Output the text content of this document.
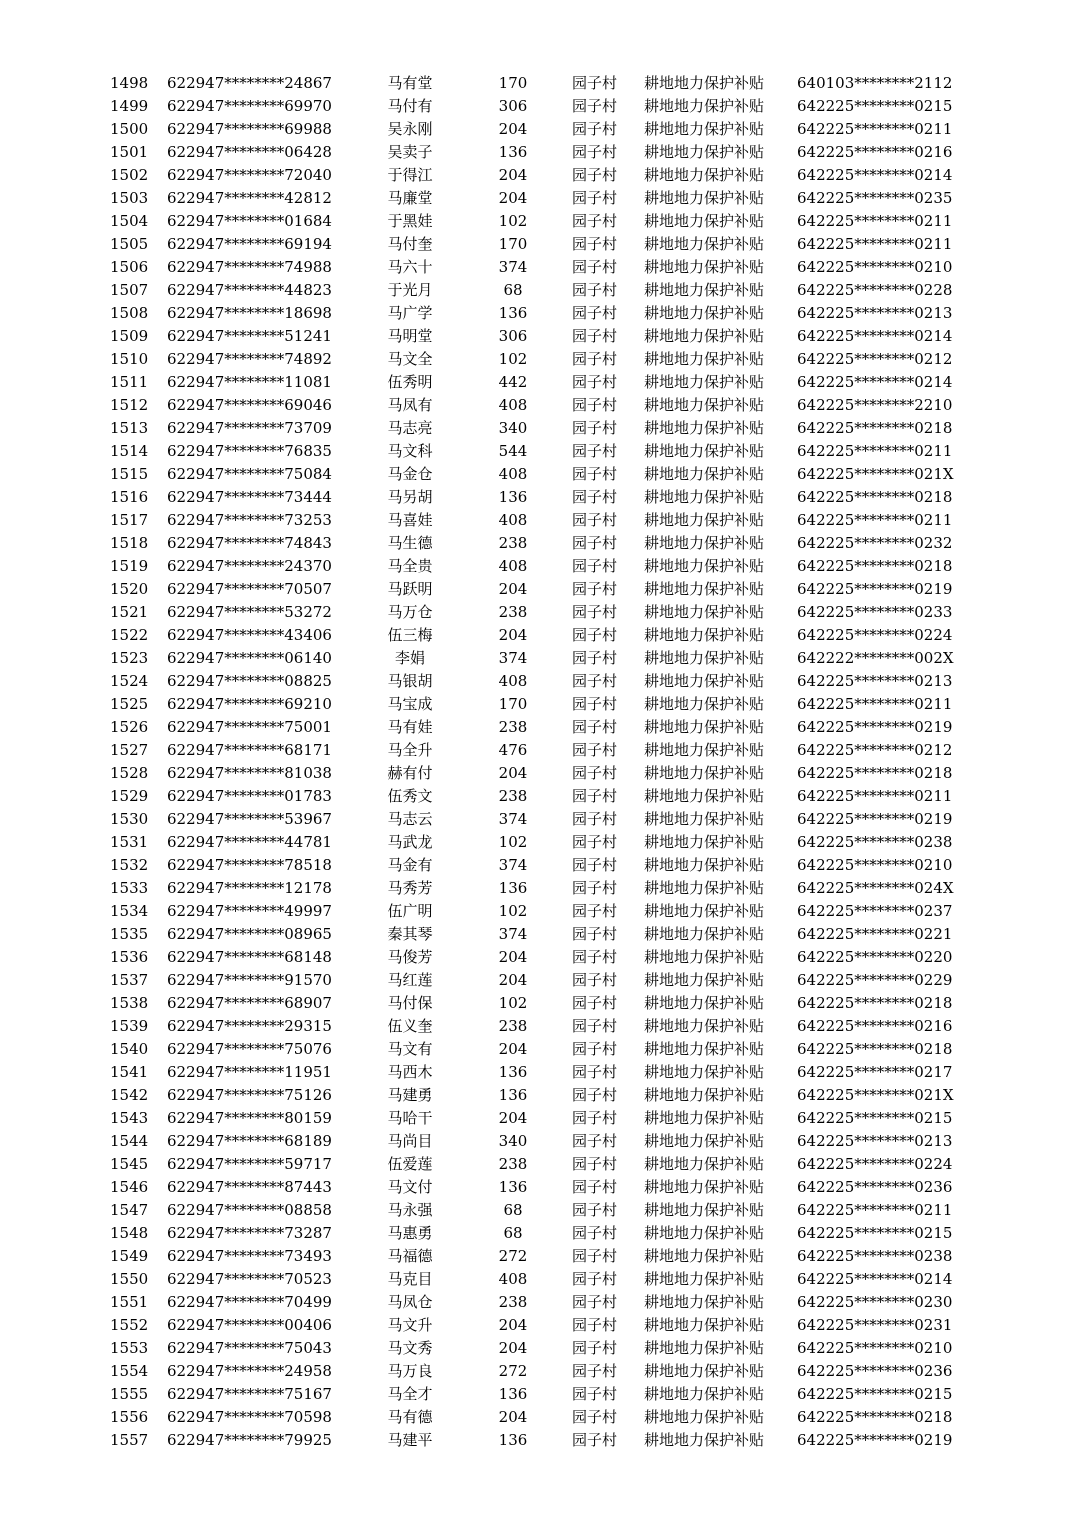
1498 622947********24867	马有堂	170	园子村	耕地地力保护补贴	640103********2112
1499 622947********69970	马付有	306	园子村	耕地地力保护补贴	642225********0215
1500 622947********69988	吴永刚	204	园子村	耕地地力保护补贴	642225********0211
1501 622947********06428	吴卖子	136	园子村	耕地地力保护补贴	642225********0216
1502 622947********72040	于得江	204	园子村	耕地地力保护补贴	642225********0214
1503 622947********42812	马廉堂	204	园子村	耕地地力保护补贴	642225********0235
1504 622947********01684	于黑娃	102	园子村	耕地地力保护补贴	642225********0211
1505 622947********69194	马付奎	170	园子村	耕地地力保护补贴	642225********0211
1506 622947********74988	马六十	374	园子村	耕地地力保护补贴	642225********0210
1507 622947********44823	于光月	68	园子村	耕地地力保护补贴	642225********0228
1508 622947********18698	马广学	136	园子村	耕地地力保护补贴	642225********0213
1509 622947********51241	马明堂	306	园子村	耕地地力保护补贴	642225********0214
1510 622947********74892	马文全	102	园子村	耕地地力保护补贴	642225********0212
1511 622947********11081	伍秀明	442	园子村	耕地地力保护补贴	642225********0214
1512 622947********69046	马凤有	408	园子村	耕地地力保护补贴	642225********2210
1513 622947********73709	马志亮	340	园子村	耕地地力保护补贴	642225********0218
1514 622947********76835	马文科	544	园子村	耕地地力保护补贴	642225********0211
1515 622947********75084	马金仓	408	园子村	耕地地力保护补贴	642225********021X
1516 622947********73444	马另胡	136	园子村	耕地地力保护补贴	642225********0218
1517 622947********73253	马喜娃	408	园子村	耕地地力保护补贴	642225********0211
1518 622947********74843	马生德	238	园子村	耕地地力保护补贴	642225********0232
1519 622947********24370	马全贵	408	园子村	耕地地力保护补贴	642225********0218
1520 622947********70507	马跃明	204	园子村	耕地地力保护补贴	642225********0219
1521 622947********53272	马万仓	238	园子村	耕地地力保护补贴	642225********0233
1522 622947********43406	伍三梅	204	园子村	耕地地力保护补贴	642225********0224
1523 622947********06140	李娟	374	园子村	耕地地力保护补贴	642222********002X
1524 622947********08825	马银胡	408	园子村	耕地地力保护补贴	642225********0213
1525 622947********69210	马宝成	170	园子村	耕地地力保护补贴	642225********0211
1526 622947********75001	马有娃	238	园子村	耕地地力保护补贴	642225********0219
1527 622947********68171	马全升	476	园子村	耕地地力保护补贴	642225********0212
1528 622947********81038	赫有付	204	园子村	耕地地力保护补贴	642225********0218
1529 622947********01783	伍秀文	238	园子村	耕地地力保护补贴	642225********0211
1530 622947********53967	马志云	374	园子村	耕地地力保护补贴	642225********0219
1531 622947********44781	马武龙	102	园子村	耕地地力保护补贴	642225********0238
1532 622947********78518	马金有	374	园子村	耕地地力保护补贴	642225********0210
1533 622947********12178	马秀芳	136	园子村	耕地地力保护补贴	642225********024X
1534 622947********49997	伍广明	102	园子村	耕地地力保护补贴	642225********0237
1535 622947********08965	秦其琴	374	园子村	耕地地力保护补贴	642225********0221
1536 622947********68148	马俊芳	204	园子村	耕地地力保护补贴	642225********0220
1537 622947********91570	马红莲	204	园子村	耕地地力保护补贴	642225********0229
1538 622947********68907	马付保	102	园子村	耕地地力保护补贴	642225********0218
1539 622947********29315	伍义奎	238	园子村	耕地地力保护补贴	642225********0216
1540 622947********75076	马文有	204	园子村	耕地地力保护补贴	642225********0218
1541 622947********11951	马西木	136	园子村	耕地地力保护补贴	642225********0217
1542 622947********75126	马建勇	136	园子村	耕地地力保护补贴	642225********021X
1543 622947********80159	马哈干	204	园子村	耕地地力保护补贴	642225********0215
1544 622947********68189	马尚目	340	园子村	耕地地力保护补贴	642225********0213
1545 622947********59717	伍爱莲	238	园子村	耕地地力保护补贴	642225********0224
1546 622947********87443	马文付	136	园子村	耕地地力保护补贴	642225********0236
1547 622947********08858	马永强	68	园子村	耕地地力保护补贴	642225********0211
1548 622947********73287	马惠勇	68	园子村	耕地地力保护补贴	642225********0215
1549 622947********73493	马福德	272	园子村	耕地地力保护补贴	642225********0238
1550 622947********70523	马克目	408	园子村	耕地地力保护补贴	642225********0214
1551 622947********70499	马凤仓	238	园子村	耕地地力保护补贴	642225********0230
1552 622947********00406	马文升	204	园子村	耕地地力保护补贴	642225********0231
1553 622947********75043	马文秀	204	园子村	耕地地力保护补贴	642225********0210
1554 622947********24958	马万良	272	园子村	耕地地力保护补贴	642225********0236
1555 622947********75167	马全才	136	园子村	耕地地力保护补贴	642225********0215
1556 622947********70598	马有德	204	园子村	耕地地力保护补贴	642225********0218
1557 622947********79925	马建平	136	园子村	耕地地力保护补贴	642225********0219
